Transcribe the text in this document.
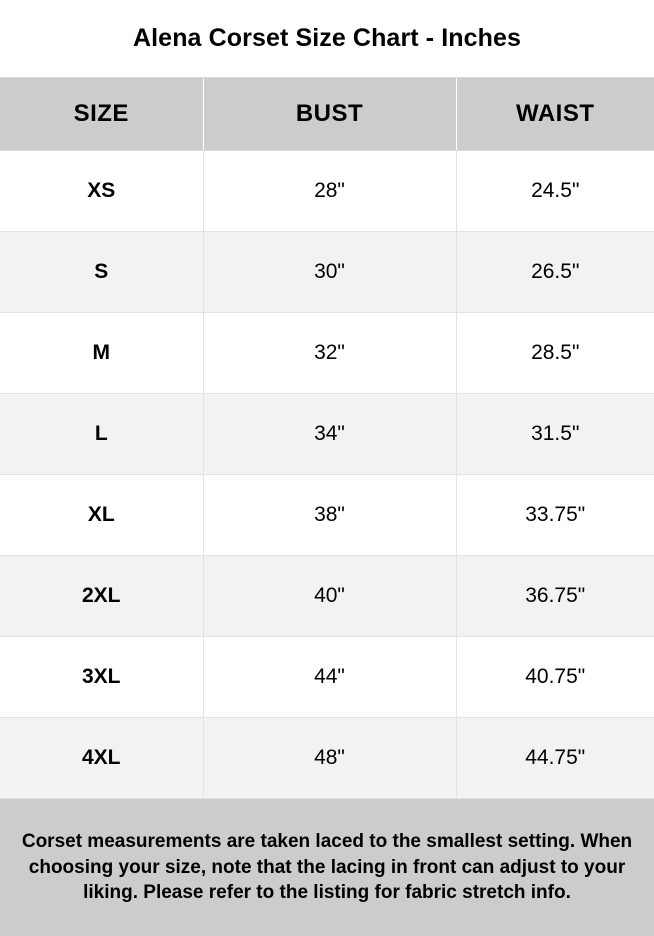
Alena Corset Size Chart - Inches
SIZE	BUST	WAIST
XS	28"	24.5"
S	30"	26.5"
M	32"	28.5"
L	34"	31.5"
XL	38"	33.75"
2XL	40"	36.75"
3XL	44"	40.75"
4XL	48"	44.75"
Corset measurements are taken laced to the smallest setting. When choosing your size, note that the lacing in front can adjust to your liking. Please refer to the listing for fabric stretch info.
